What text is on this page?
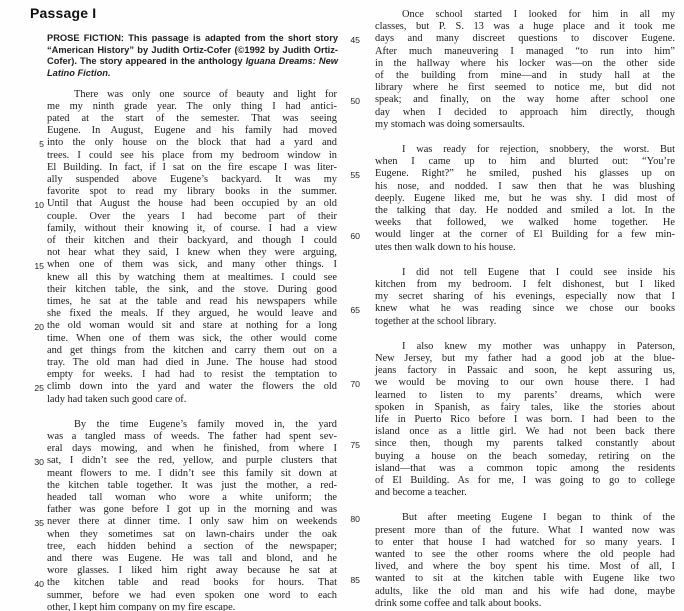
Passage I
PROSE FICTION: This passage is adapted from the short story “American History” by Judith Ortiz-Cofer (©1992 by Judith Ortiz-Cofer). The story appeared in the anthology Iguana Dreams: New Latino Fiction.
There was only one source of beauty and light for
me my ninth grade year. The only thing I had antici-
pated at the start of the semester. That was seeing
Eugene. In August, Eugene and his family had moved
5 into the only house on the block that had a yard and
trees. I could see his place from my bedroom window in
El Building. In fact, if I sat on the fire escape I was liter-
ally suspended above Eugene’s backyard. It was my
favorite spot to read my library books in the summer.
10 Until that August the house had been occupied by an old
couple. Over the years I had become part of their
family, without their knowing it, of course. I had a view
of their kitchen and their backyard, and though I could
not hear what they said, I knew when they were arguing,
15 when one of them was sick, and many other things. I
knew all this by watching them at mealtimes. I could see
their kitchen table, the sink, and the stove. During good
times, he sat at the table and read his newspapers while
she fixed the meals. If they argued, he would leave and
20 the old woman would sit and stare at nothing for a long
time. When one of them was sick, the other would come
and get things from the kitchen and carry them out on a
tray. The old man had died in June. The house had stood
empty for weeks. I had had to resist the temptation to
25 climb down into the yard and water the flowers the old
lady had taken such good care of.
By the time Eugene’s family moved in, the yard
was a tangled mass of weeds. The father had spent sev-
eral days mowing, and when he finished, from where I
30 sat, I didn’t see the red, yellow, and purple clusters that
meant flowers to me. I didn’t see this family sit down at
the kitchen table together. It was just the mother, a red-
headed tall woman who wore a white uniform; the
father was gone before I got up in the morning and was
35 never there at dinner time. I only saw him on weekends
when they sometimes sat on lawn-chairs under the oak
tree, each hidden behind a section of the newspaper;
and there was Eugene. He was tall and blond, and he
wore glasses. I liked him right away because he sat at
40 the kitchen table and read books for hours. That
summer, before we had even spoken one word to each
other, I kept him company on my fire escape.
Once school started I looked for him in all my
classes, but P. S. 13 was a huge place and it took me
45 days and many discreet questions to discover Eugene.
After much maneuvering I managed “to run into him”
in the hallway where his locker was—on the other side
of the building from mine—and in study hall at the
library where he first seemed to notice me, but did not
50 speak; and finally, on the way home after school one
day when I decided to approach him directly, though
my stomach was doing somersaults.
I was ready for rejection, snobbery, the worst. But
when I came up to him and blurted out: “You’re
55 Eugene. Right?” he smiled, pushed his glasses up on
his nose, and nodded. I saw then that he was blushing
deeply. Eugene liked me, but he was shy. I did most of
the talking that day. He nodded and smiled a lot. In the
weeks that followed, we walked home together. He
60 would linger at the corner of El Building for a few min-
utes then walk down to his house.
I did not tell Eugene that I could see inside his
kitchen from my bedroom. I felt dishonest, but I liked
my secret sharing of his evenings, especially now that I
65 knew what he was reading since we chose our books
together at the school library.
I also knew my mother was unhappy in Paterson,
New Jersey, but my father had a good job at the blue-
jeans factory in Passaic and soon, he kept assuring us,
70 we would be moving to our own house there. I had
learned to listen to my parents’ dreams, which were
spoken in Spanish, as fairy tales, like the stories about
life in Puerto Rico before I was born. I had been to the
island once as a little girl. We had not been back there
75 since then, though my parents talked constantly about
buying a house on the beach someday, retiring on the
island—that was a common topic among the residents
of El Building. As for me, I was going to go to college
and become a teacher.
80	But after meeting Eugene I began to think of the
present more than of the future. What I wanted now was
to enter that house I had watched for so many years. I
wanted to see the other rooms where the old people had
lived, and where the boy spent his time. Most of all, I
85 wanted to sit at the kitchen table with Eugene like two
adults, like the old man and his wife had done, maybe
drink some coffee and talk about books.
